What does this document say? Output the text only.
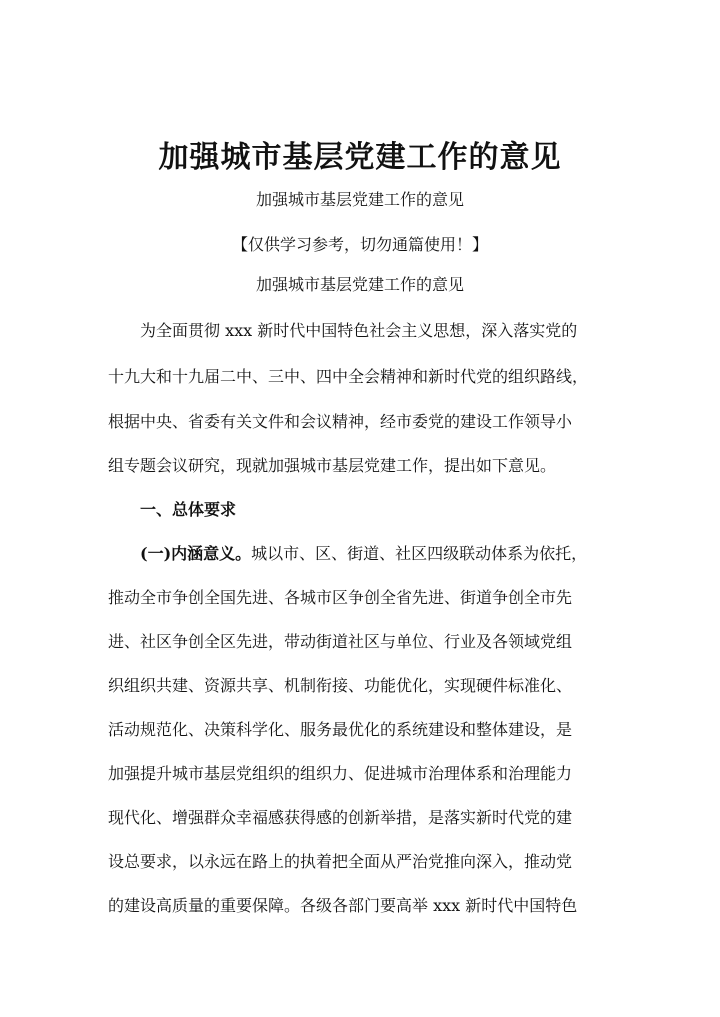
加强城市基层党建工作的意见
加强城市基层党建工作的意见
【仅供学习参考，切勿通篇使用！】
加强城市基层党建工作的意见
为全面贯彻 xxx 新时代中国特色社会主义思想，深入落实党的
十九大和十九届二中、三中、四中全会精神和新时代党的组织路线，
根据中央、省委有关文件和会议精神，经市委党的建设工作领导小
组专题会议研究，现就加强城市基层党建工作，提出如下意见。
一、总体要求
(一)内涵意义。城以市、区、街道、社区四级联动体系为依托，
推动全市争创全国先进、各城市区争创全省先进、街道争创全市先
进、社区争创全区先进，带动街道社区与单位、行业及各领域党组
织组织共建、资源共享、机制衔接、功能优化，实现硬件标准化、
活动规范化、决策科学化、服务最优化的系统建设和整体建设，是
加强提升城市基层党组织的组织力、促进城市治理体系和治理能力
现代化、增强群众幸福感获得感的创新举措，是落实新时代党的建
设总要求，以永远在路上的执着把全面从严治党推向深入，推动党
的建设高质量的重要保障。各级各部门要高举 xxx 新时代中国特色
